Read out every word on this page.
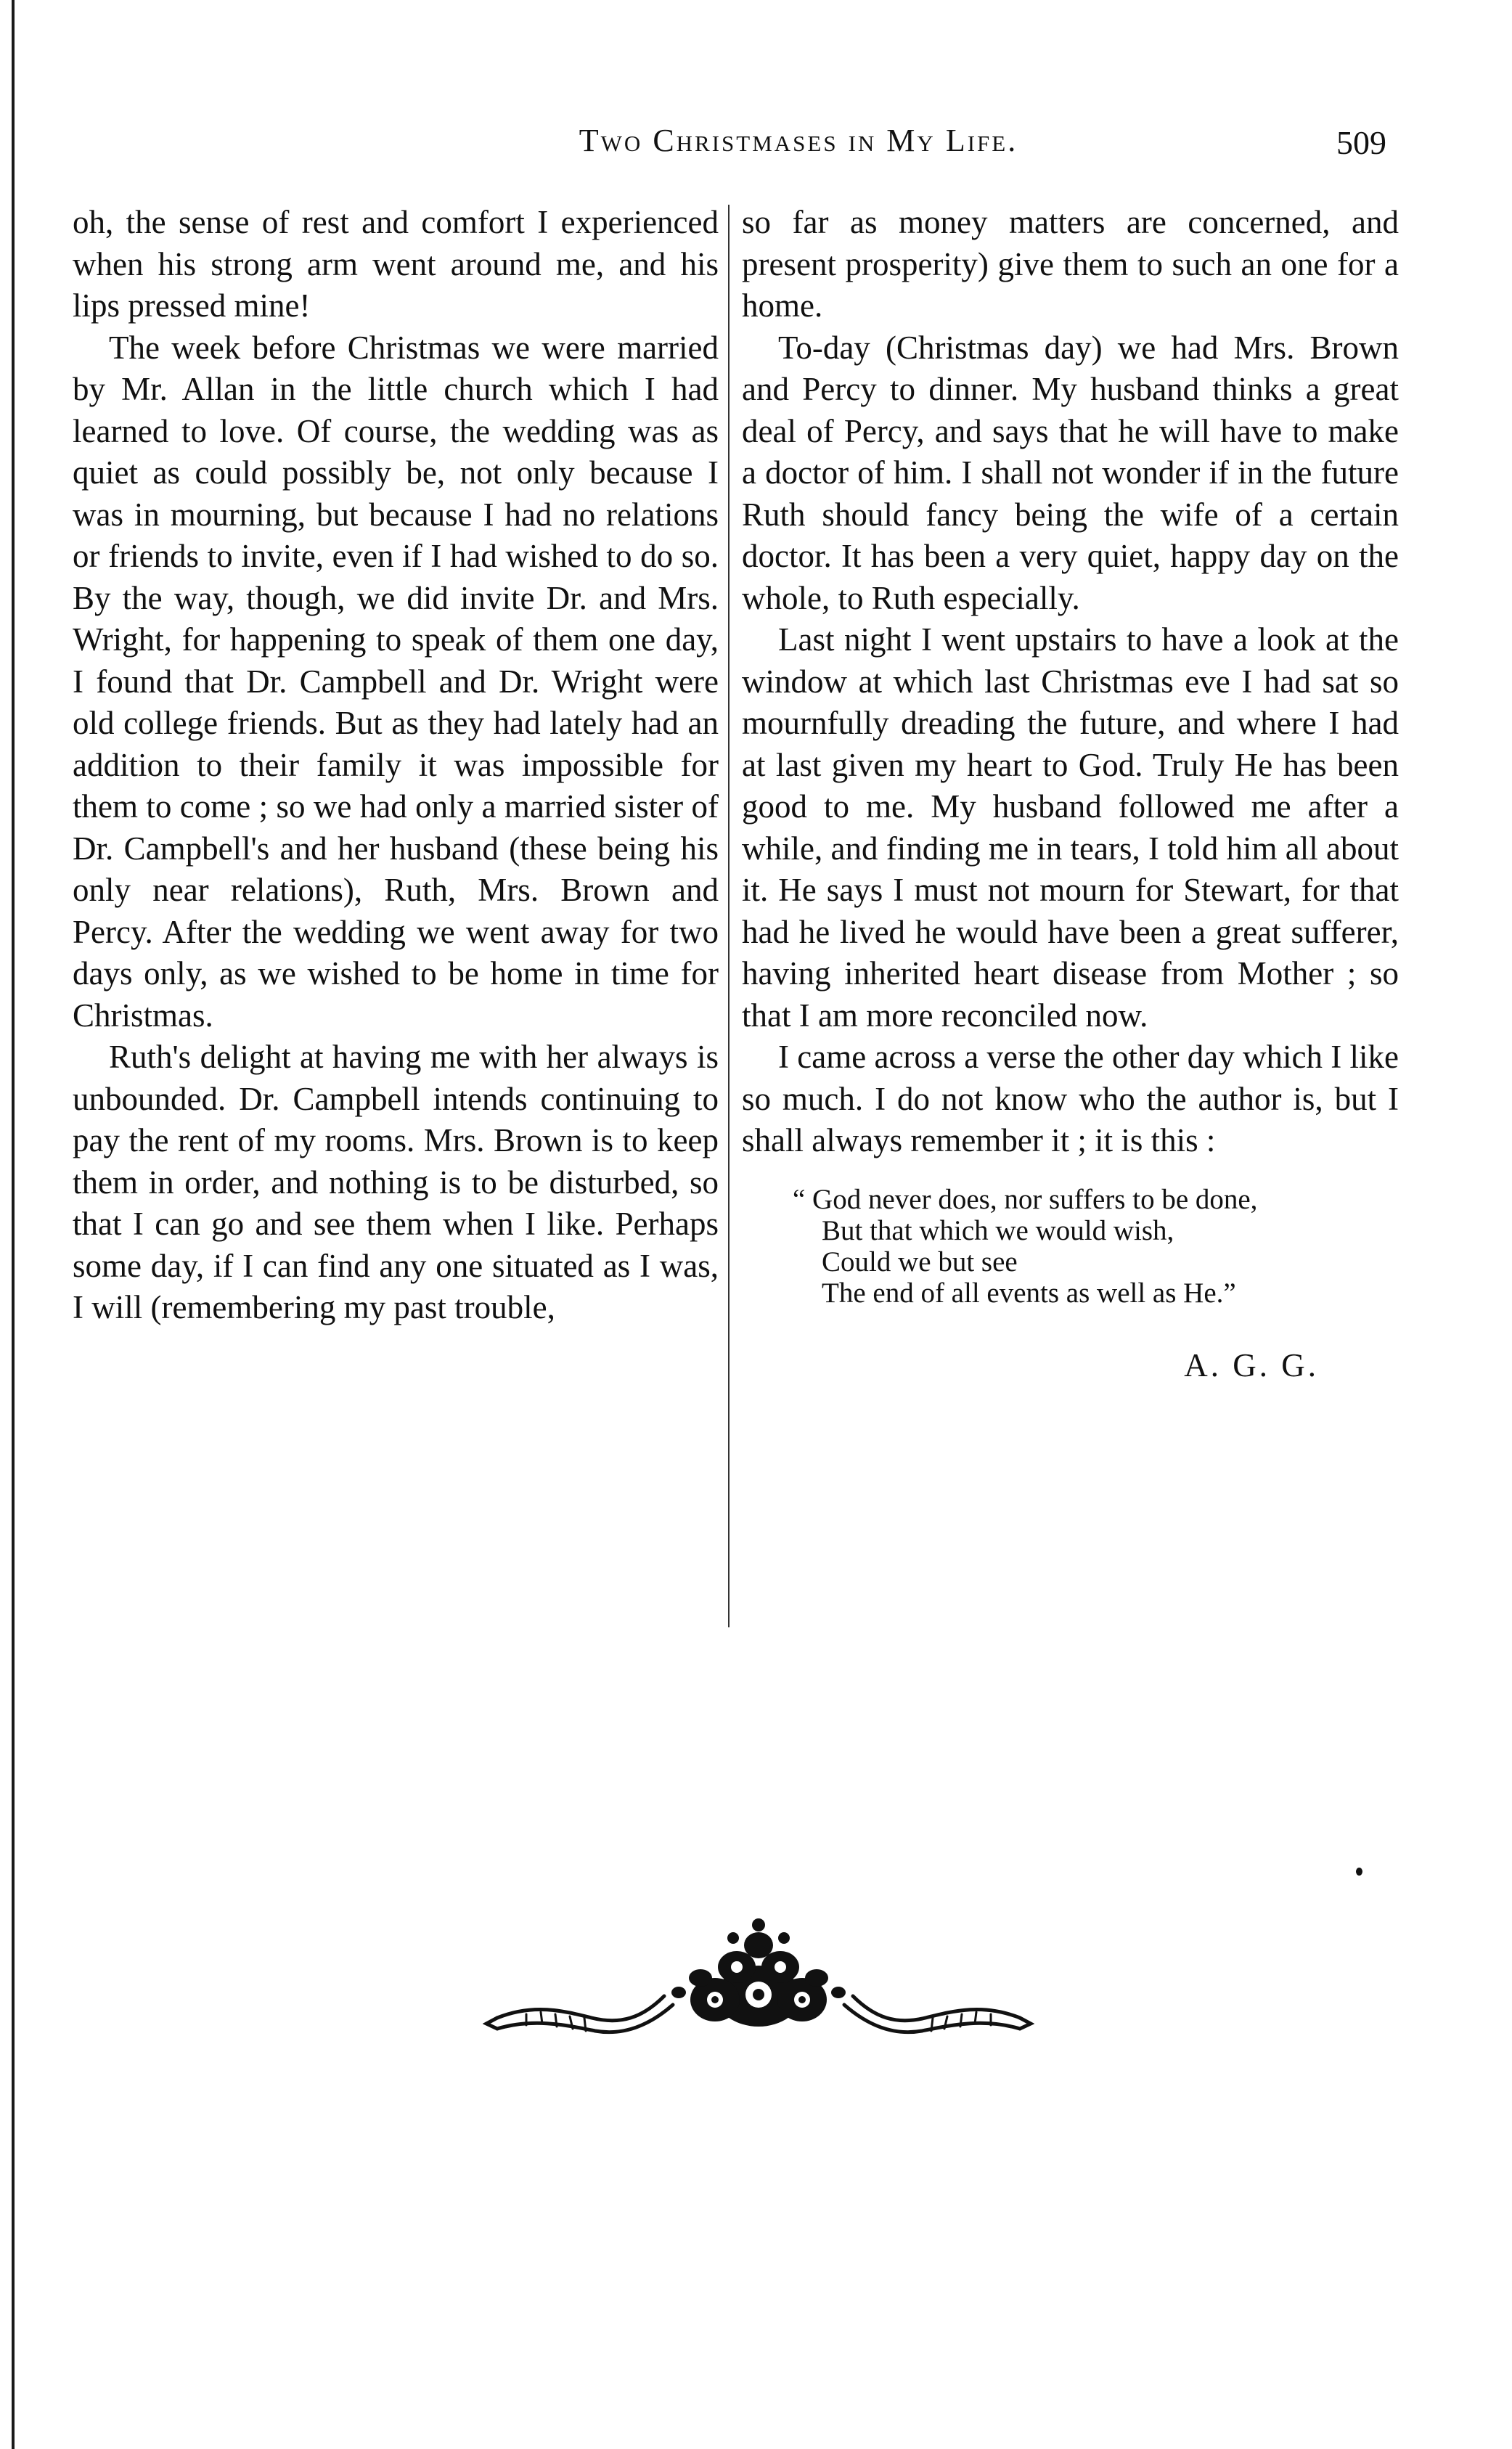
Two Christmases in My Life.	509

oh, the sense of rest and comfort I experienced when his strong arm went around me, and his lips pressed mine!

The week before Christmas we were married by Mr. Allan in the little church which I had learned to love. Of course, the wedding was as quiet as could possibly be, not only because I was in mourning, but because I had no relations or friends to invite, even if I had wished to do so. By the way, though, we did invite Dr. and Mrs. Wright, for happening to speak of them one day, I found that Dr. Campbell and Dr. Wright were old college friends. But as they had lately had an addition to their family it was impossible for them to come ; so we had only a married sister of Dr. Campbell's and her husband (these being his only near relations), Ruth, Mrs. Brown and Percy. After the wedding we went away for two days only, as we wished to be home in time for Christmas.

Ruth's delight at having me with her always is unbounded. Dr. Campbell intends continuing to pay the rent of my rooms. Mrs. Brown is to keep them in order, and nothing is to be disturbed, so that I can go and see them when I like. Perhaps some day, if I can find any one situated as I was, I will (remembering my past trouble,

so far as money matters are concerned, and present prosperity) give them to such an one for a home.

To-day (Christmas day) we had Mrs. Brown and Percy to dinner. My husband thinks a great deal of Percy, and says that he will have to make a doctor of him. I shall not wonder if in the future Ruth should fancy being the wife of a certain doctor. It has been a very quiet, happy day on the whole, to Ruth especially.

Last night I went upstairs to have a look at the window at which last Christmas eve I had sat so mournfully dreading the future, and where I had at last given my heart to God. Truly He has been good to me. My husband followed me after a while, and finding me in tears, I told him all about it. He says I must not mourn for Stewart, for that had he lived he would have been a great sufferer, having inherited heart disease from Mother ; so that I am more reconciled now.

I came across a verse the other day which I like so much. I do not know who the author is, but I shall always remember it ; it is this :

“ God never does, nor suffers to be done,
But that which we would wish,
Could we but see
The end of all events as well as He.”
A. G. G.
